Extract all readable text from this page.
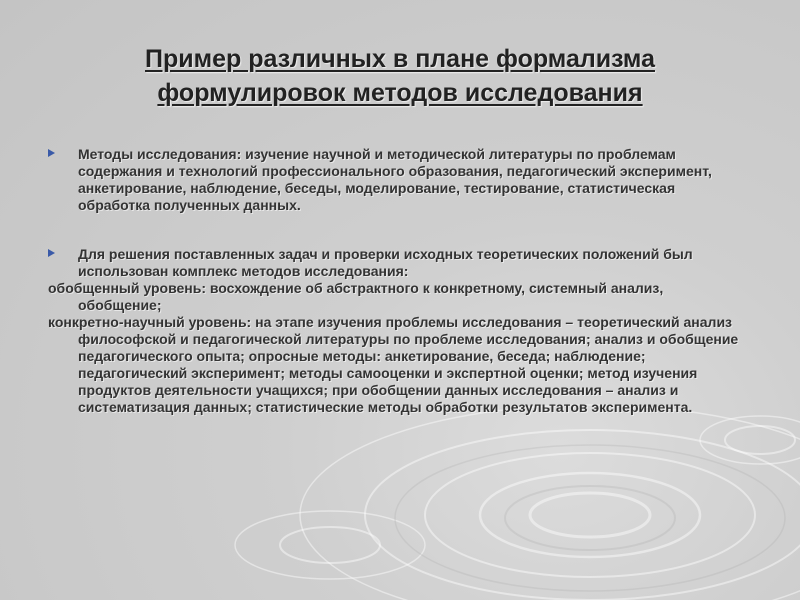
Пример различных в плане формализма
формулировок методов исследования

Методы исследования: изучение научной и методической литературы по проблемам содержания и технологий профессионального образования, педагогический эксперимент, анкетирование, наблюдение, беседы, моделирование, тестирование, статистическая обработка полученных данных.

Для решения поставленных задач и проверки исходных теоретических положений был использован комплекс методов исследования:

обобщенный уровень: восхождение об абстрактного к конкретному, системный анализ, обобщение;

конкретно-научный уровень: на этапе изучения проблемы исследования – теоретический анализ философской и педагогической литературы по проблеме исследования; анализ и обобщение педагогического опыта; опросные методы: анкетирование, беседа; наблюдение; педагогический эксперимент; методы самооценки и экспертной оценки; метод изучения продуктов деятельности учащихся; при обобщении данных исследования – анализ и систематизация данных; статистические методы обработки результатов эксперимента.
